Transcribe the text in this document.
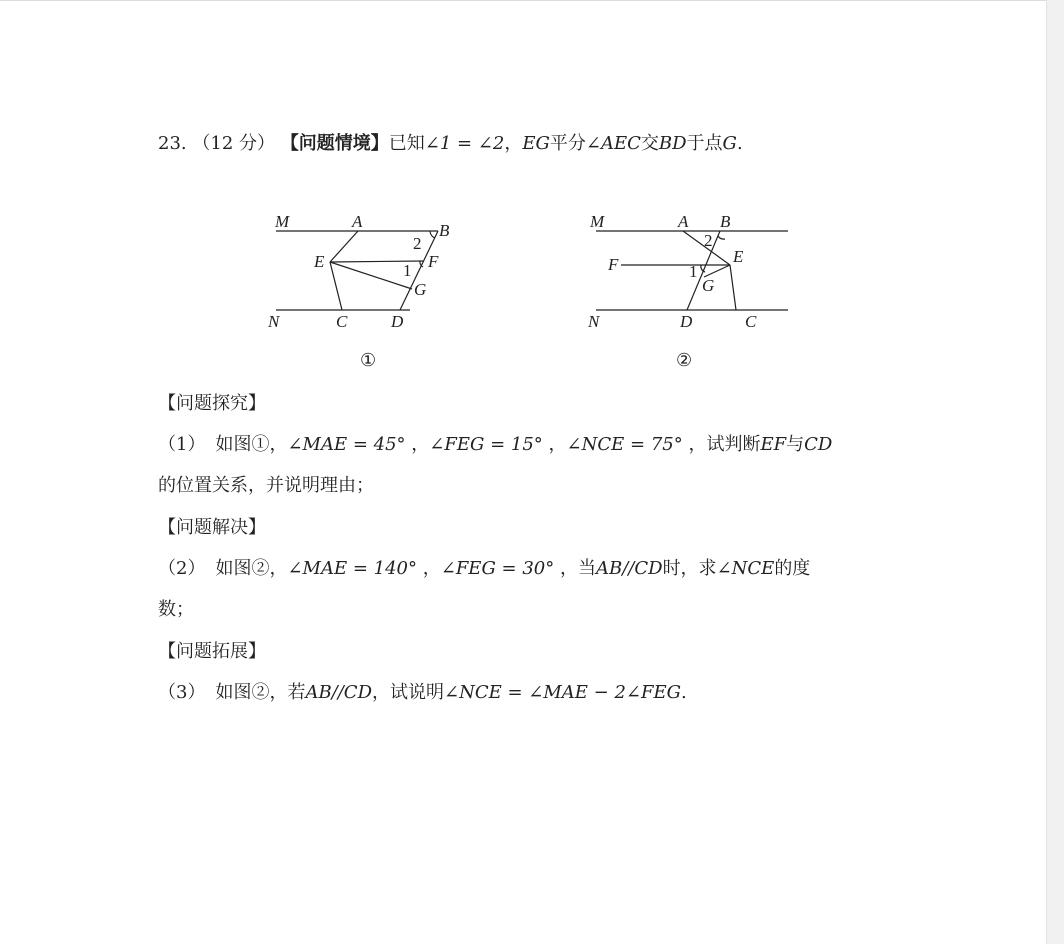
23. （12 分） 【问题情境】已知∠1 = ∠2，EG平分∠AEC交BD于点G.
M	A	B
2
E	1 F
G
N	C	D
①
M	A B
2
E
F	1
G
N	D	C
②
【问题探究】
（1） 如图①，∠MAE = 45° ，∠FEG = 15° ，∠NCE = 75° ，试判断EF与CD
的位置关系，并说明理由；
【问题解决】
（2） 如图②，∠MAE = 140° ，∠FEG = 30° ，当AB//CD时，求∠NCE的度
数；
【问题拓展】
（3） 如图②，若AB//CD，试说明∠NCE = ∠MAE − 2∠FEG.
